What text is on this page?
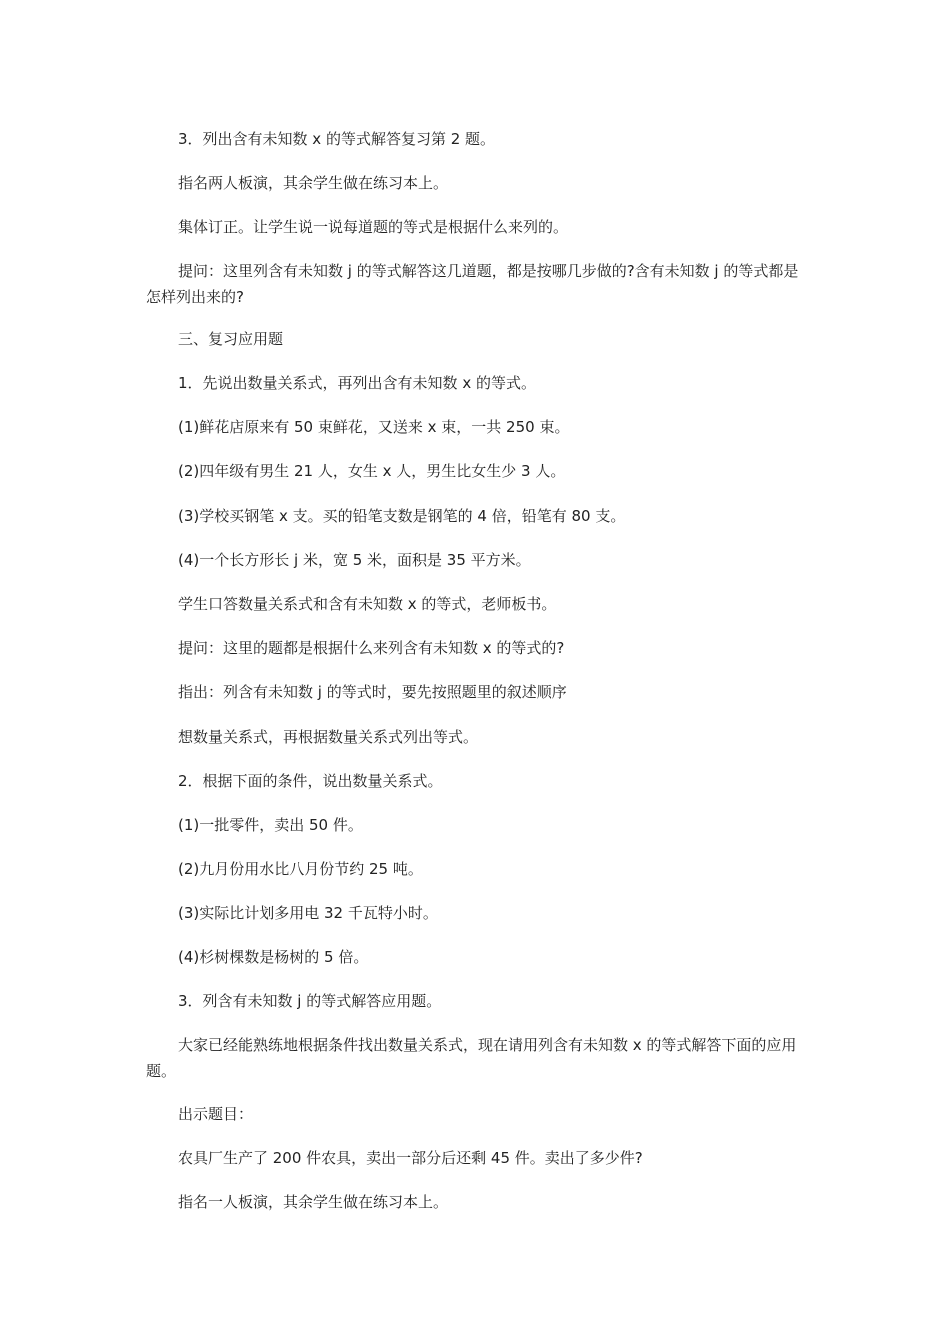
3．列出含有未知数 x 的等式解答复习第 2 题。

指名两人板演，其余学生做在练习本上。

集体订正。让学生说一说每道题的等式是根据什么来列的。

提问：这里列含有未知数 j 的等式解答这几道题，都是按哪几步做的?含有未知数 j 的等式都是怎样列出来的?

三、复习应用题

1．先说出数量关系式，再列出含有未知数 x 的等式。

(1)鲜花店原来有 50 束鲜花，又送来 x 束，一共 250 束。

(2)四年级有男生 21 人，女生 x 人，男生比女生少 3 人。

(3)学校买钢笔 x 支。买的铅笔支数是钢笔的 4 倍，铅笔有 80 支。

(4)一个长方形长 j 米，宽 5 米，面积是 35 平方米。

学生口答数量关系式和含有未知数 x 的等式，老师板书。

提问：这里的题都是根据什么来列含有未知数 x 的等式的?

指出：列含有未知数 j 的等式时，要先按照题里的叙述顺序

想数量关系式，再根据数量关系式列出等式。

2．根据下面的条件，说出数量关系式。

(1)一批零件，卖出 50 件。

(2)九月份用水比八月份节约 25 吨。

(3)实际比计划多用电 32 千瓦特小时。

(4)杉树棵数是杨树的 5 倍。

3．列含有未知数 j 的等式解答应用题。

大家已经能熟练地根据条件找出数量关系式，现在请用列含有未知数 x 的等式解答下面的应用题。

出示题目：

农具厂生产了 200 件农具，卖出一部分后还剩 45 件。卖出了多少件?

指名一人板演，其余学生做在练习本上。
